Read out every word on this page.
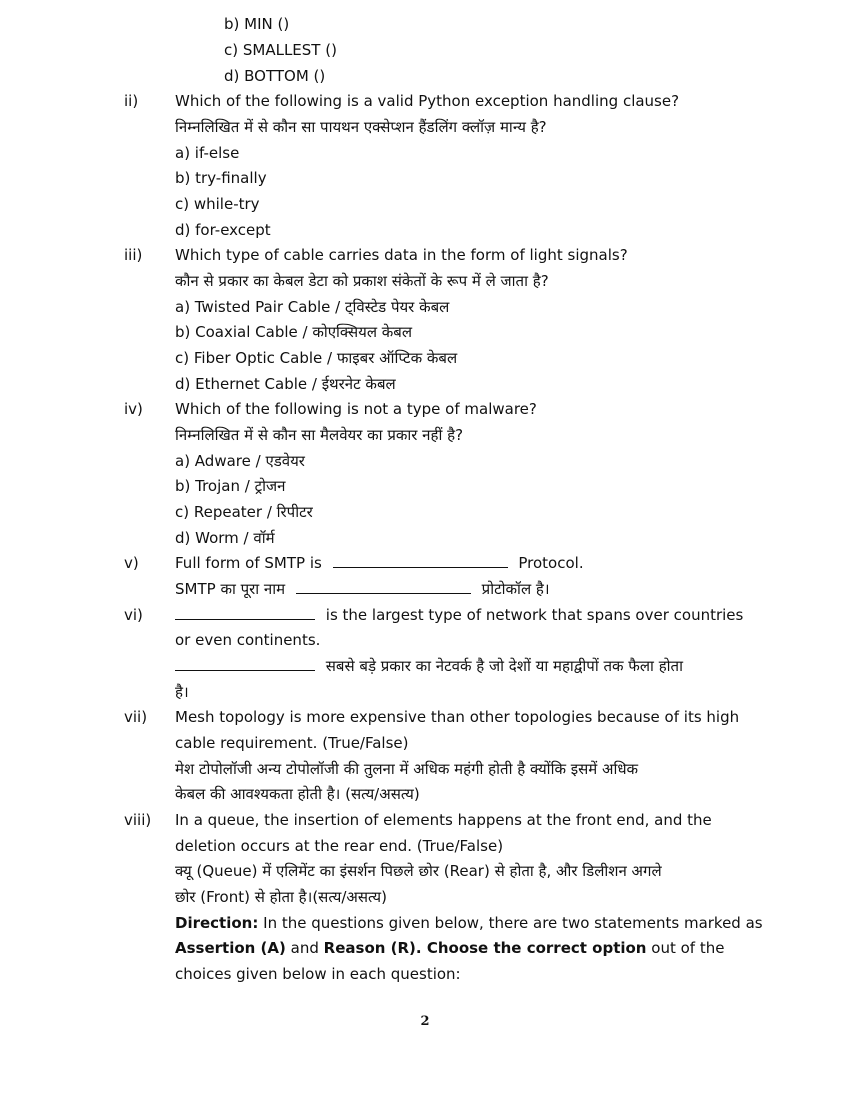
b) MIN ()
c) SMALLEST ()
d) BOTTOM ()
ii) Which of the following is a valid Python exception handling clause?
निम्नलिखित में से कौन सा पायथन एक्सेप्शन हैंडलिंग क्लॉज़ मान्य है?
a) if-else
b) try-finally
c) while-try
d) for-except
iii) Which type of cable carries data in the form of light signals?
कौन से प्रकार का केबल डेटा को प्रकाश संकेतों के रूप में ले जाता है?
a) Twisted Pair Cable / ट्विस्टेड पेयर केबल
b) Coaxial Cable / कोएक्सियल केबल
c) Fiber Optic Cable / फाइबर ऑप्टिक केबल
d) Ethernet Cable / ईथरनेट केबल
iv) Which of the following is not a type of malware?
निम्नलिखित में से कौन सा मैलवेयर का प्रकार नहीं है?
a) Adware / एडवेयर
b) Trojan / ट्रोजन
c) Repeater / रिपीटर
d) Worm / वॉर्म
v) Full form of SMTP is	Protocol.
SMTP का पूरा नाम	प्रोटोकॉल है।
vi)	is the largest type of network that spans over countries
or even continents.
सबसे बड़े प्रकार का नेटवर्क है जो देशों या महाद्वीपों तक फैला होता
है।
vii) Mesh topology is more expensive than other topologies because of its high
cable requirement. (True/False)
मेश टोपोलॉजी अन्य टोपोलॉजी की तुलना में अधिक महंगी होती है क्योंकि इसमें अधिक
केबल की आवश्यकता होती है। (सत्य/असत्य)
viii) In a queue, the insertion of elements happens at the front end, and the
deletion occurs at the rear end. (True/False)
क्यू (Queue) में एलिमेंट का इंसर्शन पिछले छोर (Rear) से होता है, और डिलीशन अगले
छोर (Front) से होता है।(सत्य/असत्य)
Direction: In the questions given below, there are two statements marked as
Assertion (A) and Reason (R). Choose the correct option out of the
choices given below in each question:
2
